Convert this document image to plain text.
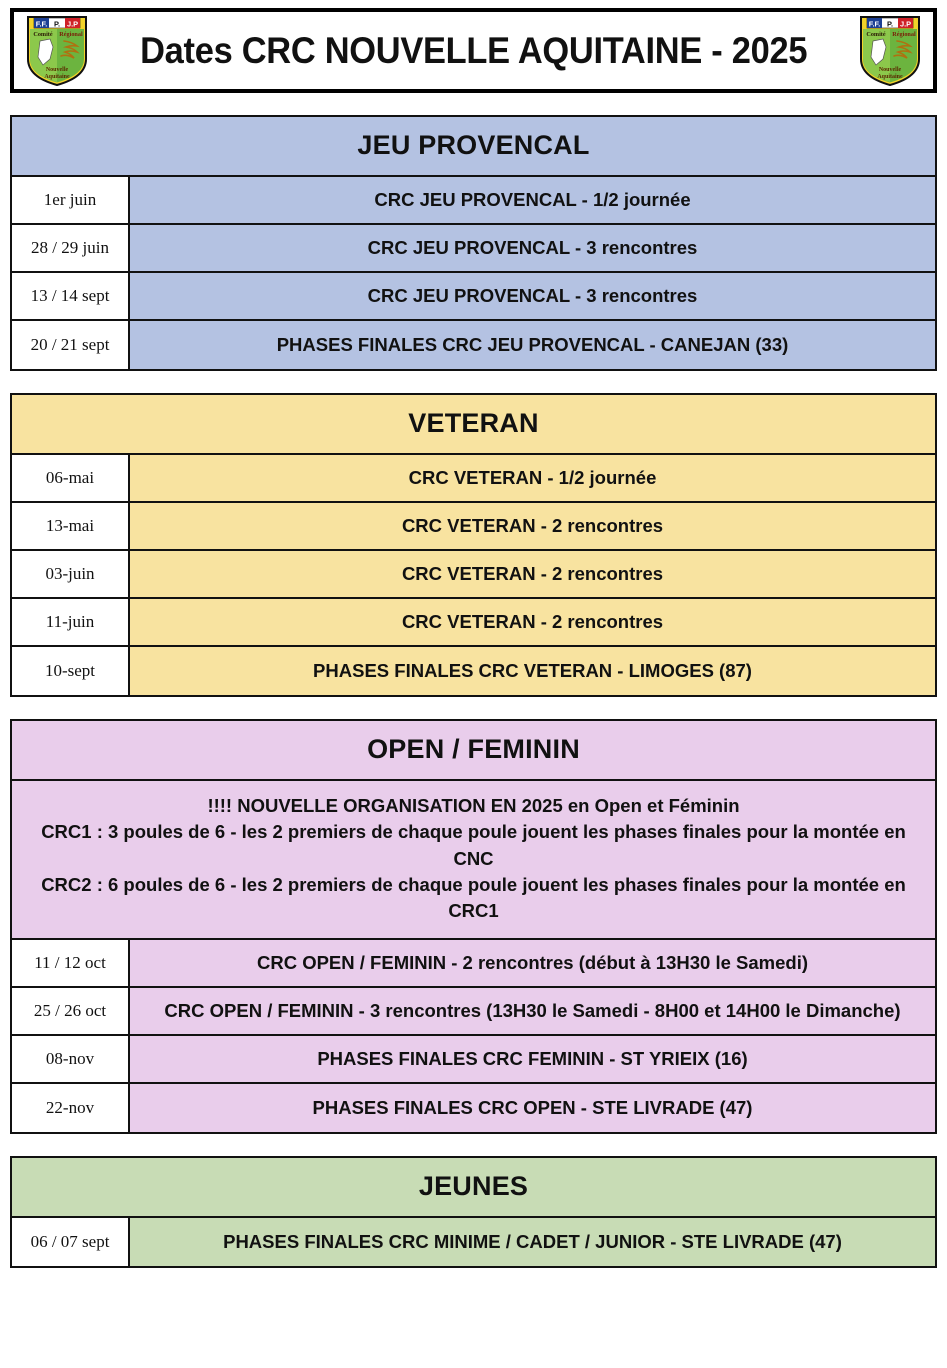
F.F. P. J.P
Comité Régional
Nouvelle
Aquitaine
Dates CRC NOUVELLE AQUITAINE - 2025
F.F. P. J.P
Comité Régional
Nouvelle
Aquitaine
JEU PROVENCAL
1er juin	CRC JEU PROVENCAL - 1/2 journée
28 / 29 juin	CRC JEU PROVENCAL - 3 rencontres
13 / 14 sept	CRC JEU PROVENCAL - 3 rencontres
20 / 21 sept	PHASES FINALES CRC JEU PROVENCAL - CANEJAN (33)
VETERAN
06-mai	CRC VETERAN - 1/2 journée
13-mai	CRC VETERAN - 2 rencontres
03-juin	CRC VETERAN - 2 rencontres
11-juin	CRC VETERAN - 2 rencontres
10-sept	PHASES FINALES CRC VETERAN - LIMOGES (87)
OPEN / FEMININ
!!!! NOUVELLE ORGANISATION EN 2025 en Open et Féminin
CRC1 : 3 poules de 6 - les 2 premiers de chaque poule jouent les phases finales pour la montée en CNC
CRC2 : 6 poules de 6 - les 2 premiers de chaque poule jouent les phases finales pour la montée en CRC1
11 / 12 oct	CRC OPEN / FEMININ - 2 rencontres (début à 13H30 le Samedi)
25 / 26 oct	CRC OPEN / FEMININ - 3 rencontres (13H30 le Samedi - 8H00 et 14H00 le Dimanche)
08-nov	PHASES FINALES CRC FEMININ - ST YRIEIX (16)
22-nov	PHASES FINALES CRC OPEN - STE LIVRADE (47)
JEUNES
06 / 07 sept	PHASES FINALES CRC MINIME / CADET / JUNIOR - STE LIVRADE (47)
